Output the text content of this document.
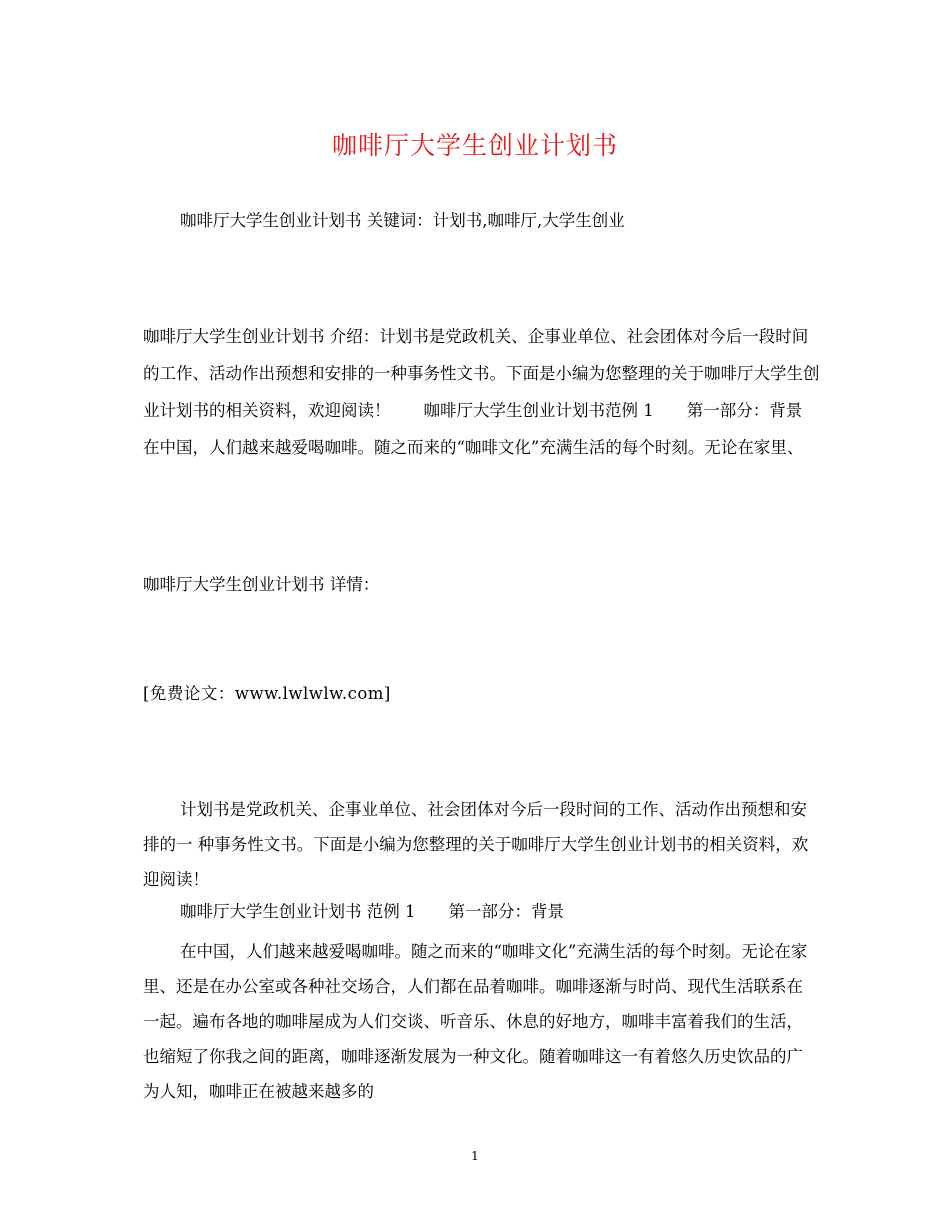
咖啡厅大学生创业计划书
咖啡厅大学生创业计划书 关键词：计划书,咖啡厅,大学生创业
咖啡厅大学生创业计划书 介绍：计划书是党政机关、企事业单位、社会团体对今后一段时间的工作、活动作出预想和安排的一种事务性文书。下面是小编为您整理的关于咖啡厅大学生创业计划书的相关资料，欢迎阅读！　　咖啡厅大学生创业计划书范例 1　　第一部分：背景　　在中国，人们越来越爱喝咖啡。随之而来的“咖啡文化”充满生活的每个时刻。无论在家里、
咖啡厅大学生创业计划书 详情：
[免费论文：www.lwlwlw.com]
计划书是党政机关、企事业单位、社会团体对今后一段时间的工作、活动作出预想和安排的一 种事务性文书。下面是小编为您整理的关于咖啡厅大学生创业计划书的相关资料，欢迎阅读！
咖啡厅大学生创业计划书 范例 1　　第一部分：背景
在中国，人们越来越爱喝咖啡。随之而来的“咖啡文化”充满生活的每个时刻。无论在家里、还是在办公室或各种社交场合，人们都在品着咖啡。咖啡逐渐与时尚、现代生活联系在一起。遍布各地的咖啡屋成为人们交谈、听音乐、休息的好地方，咖啡丰富着我们的生活，也缩短了你我之间的距离，咖啡逐渐发展为一种文化。随着咖啡这一有着悠久历史饮品的广为人知，咖啡正在被越来越多的
1
